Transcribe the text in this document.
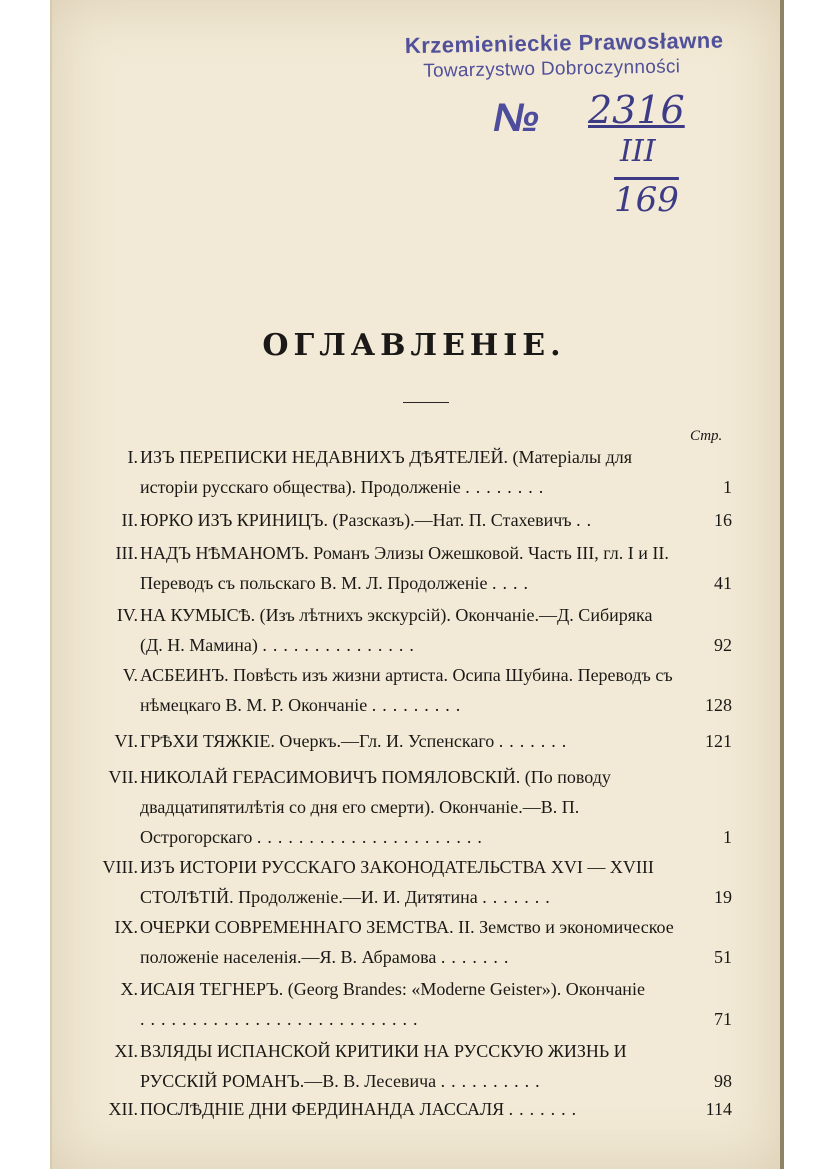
Krzemienieckie Prawosławne
Towarzystwo Dobroczynności
№ 2316
III
169
ОГЛАВЛЕНІЕ.
Стр.
I. ИЗЪ ПЕРЕПИСКИ НЕДАВНИХЪ ДѢЯТЕЛЕЙ. (Матеріалы для исторіи русскаго общества). Продолженіе ........	1
II. ЮРКО ИЗЪ КРИНИЦЪ. (Разсказъ).—Нат. П. Стахевичъ ..	16
III. НАДЪ НѢМАНОМЪ. Романъ Элизы Ожешковой. Часть III, гл. I и II. Переводъ съ польскаго В. М. Л. Продолженіе ....	41
IV. НА КУМЫСѢ. (Изъ лѣтнихъ экскурсій). Окончаніе.—Д. Сибиряка (Д. Н. Мамина) ...............	92
V. АСБЕИНЪ. Повѣсть изъ жизни артиста. Осипа Шубина. Переводъ съ нѣмецкаго В. М. Р. Окончаніе .........	128
VI. ГРѢХИ ТЯЖКІЕ. Очеркъ.—Гл. И. Успенскаго .......	121
VII. НИКОЛАЙ ГЕРАСИМОВИЧЪ ПОМЯЛОВСКІЙ. (По поводу двадцатипятилѣтія со дня его смерти). Окончаніе.—В. П. Острогорскаго ......................	1
VIII. ИЗЪ ИСТОРІИ РУССКАГО ЗАКОНОДАТЕЛЬСТВА XVI — XVIII СТОЛѢТІЙ. Продолженіе.—И. И. Дитятина .......	19
IX. ОЧЕРКИ СОВРЕМЕННАГО ЗЕМСТВА. II. Земство и экономическое положеніе населенія.—Я. В. Абрамова .......	51
X. ИСАІЯ ТЕГНЕРЪ. (Georg Brandes: «Moderne Geister»). Окончаніе ...........................	71
XI. ВЗЛЯДЫ ИСПАНСКОЙ КРИТИКИ НА РУССКУЮ ЖИЗНЬ И РУССКІЙ РОМАНЪ.—В. В. Лесевича ..........	98
XII. ПОСЛѢДНІЕ ДНИ ФЕРДИНАНДА ЛАССАЛЯ .......	114
